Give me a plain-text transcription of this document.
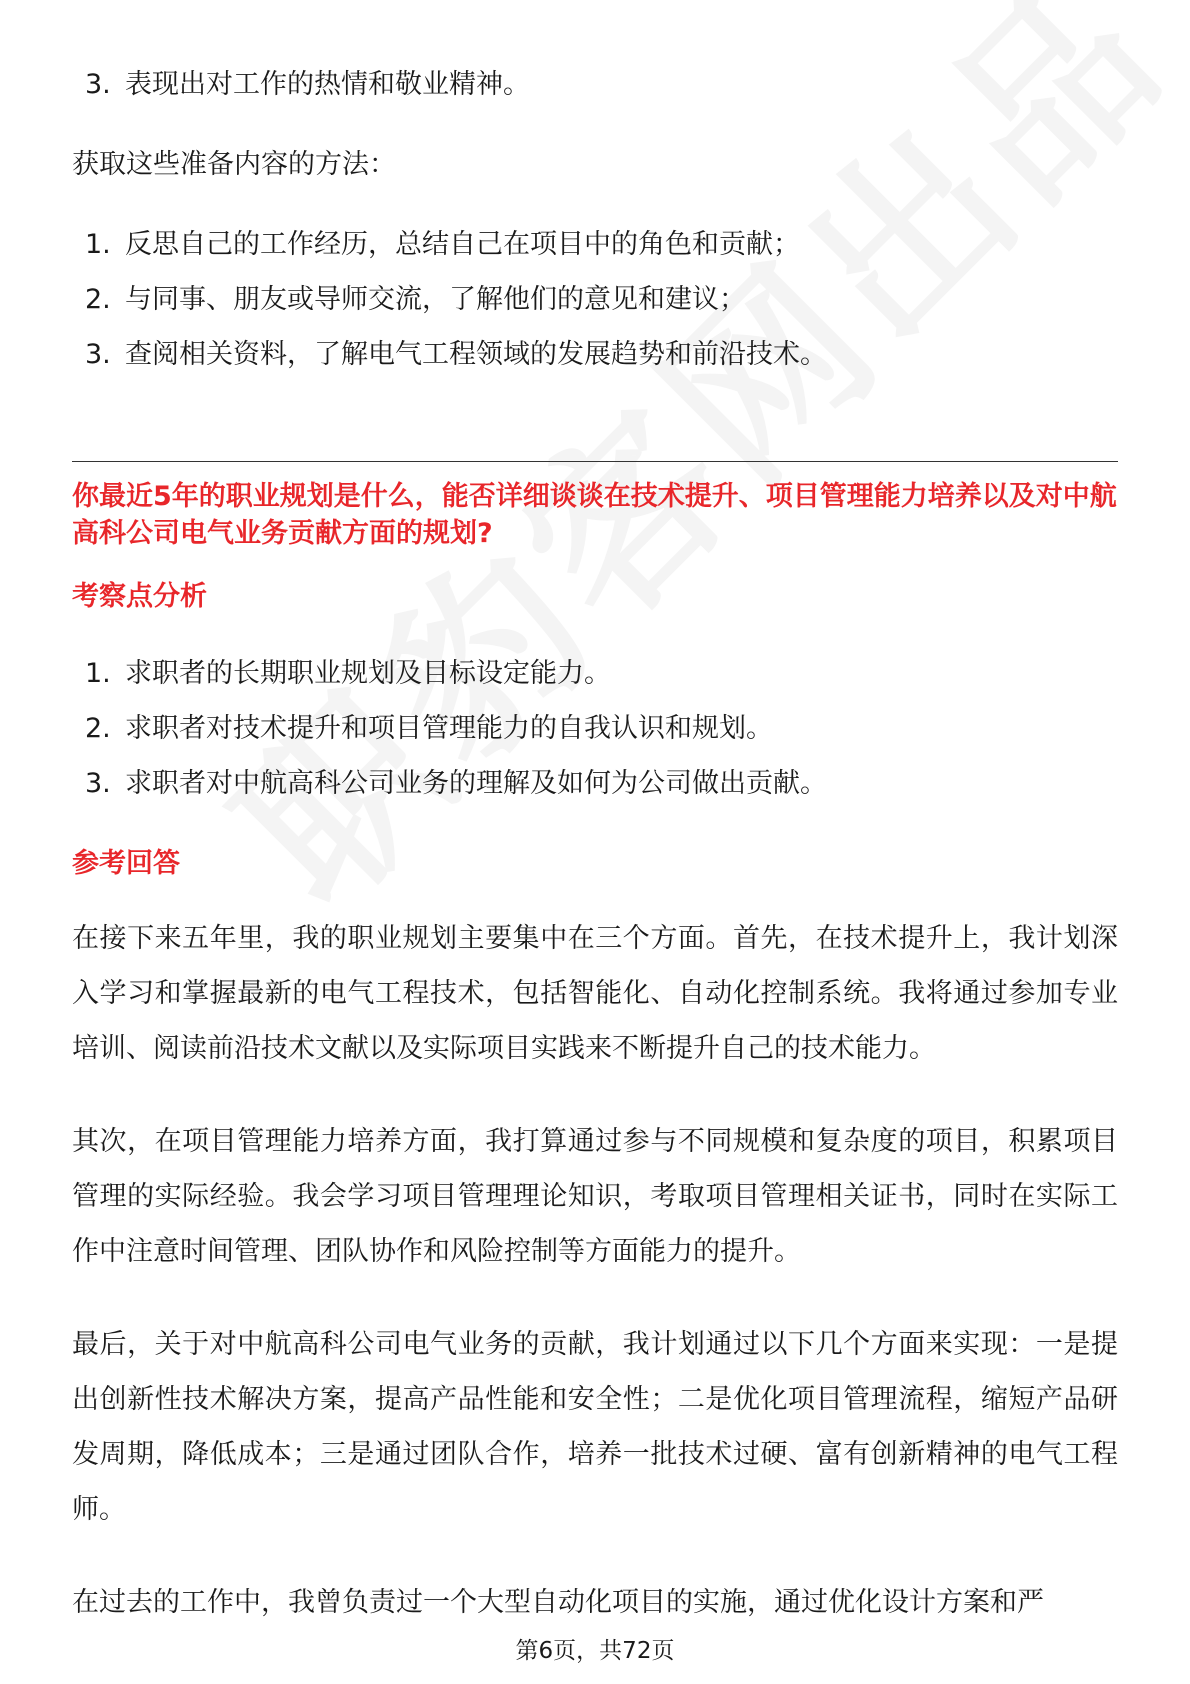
3. 表现出对工作的热情和敬业精神。
获取这些准备内容的方法：
1. 反思自己的工作经历，总结自己在项目中的角色和贡献；
2. 与同事、朋友或导师交流，了解他们的意见和建议；
3. 查阅相关资料，了解电气工程领域的发展趋势和前沿技术。
你最近5年的职业规划是什么，能否详细谈谈在技术提升、项目管理能力培养以及对中航高科公司电气业务贡献方面的规划?
考察点分析
1. 求职者的长期职业规划及目标设定能力。
2. 求职者对技术提升和项目管理能力的自我认识和规划。
3. 求职者对中航高科公司业务的理解及如何为公司做出贡献。
参考回答
在接下来五年里，我的职业规划主要集中在三个方面。首先，在技术提升上，我计划深入学习和掌握最新的电气工程技术，包括智能化、自动化控制系统。我将通过参加专业培训、阅读前沿技术文献以及实际项目实践来不断提升自己的技术能力。
其次，在项目管理能力培养方面，我打算通过参与不同规模和复杂度的项目，积累项目管理的实际经验。我会学习项目管理理论知识，考取项目管理相关证书，同时在实际工作中注意时间管理、团队协作和风险控制等方面能力的提升。
最后，关于对中航高科公司电气业务的贡献，我计划通过以下几个方面来实现：一是提出创新性技术解决方案，提高产品性能和安全性；二是优化项目管理流程，缩短产品研发周期，降低成本；三是通过团队合作，培养一批技术过硬、富有创新精神的电气工程师。
在过去的工作中，我曾负责过一个大型自动化项目的实施，通过优化设计方案和严
第6页，共72页
